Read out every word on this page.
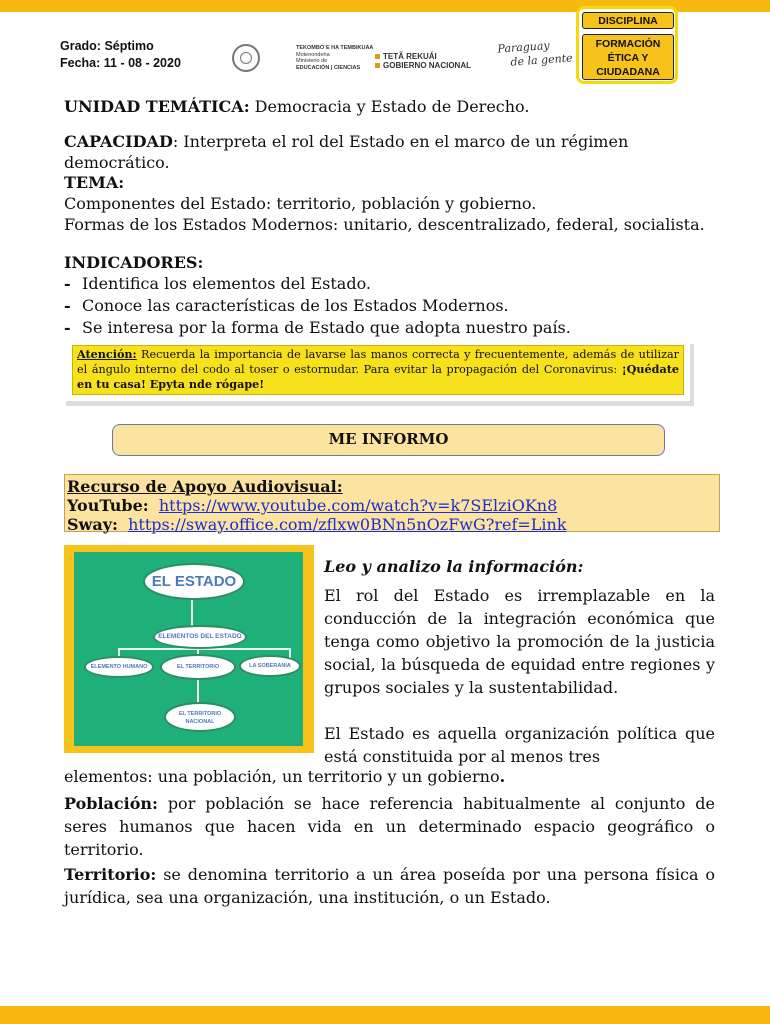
Grado: Séptimo
Fecha: 11 - 08 - 2020
TEKOMBO´E HA TEMBIKUAA
Motenondeha
Ministerio de
EDUCACIÓN | CIENCIAS
TETÃ REKUÁI
GOBIERNO NACIONAL
Paraguay
de la gente
DISCIPLINA
FORMACIÓN
ÉTICA Y
CIUDADANA
UNIDAD TEMÁTICA: Democracia y Estado de Derecho.
CAPACIDAD: Interpreta el rol del Estado en el marco de un régimen democrático.
TEMA:
Componentes del Estado: territorio, población y gobierno.
Formas de los Estados Modernos: unitario, descentralizado, federal, socialista.
INDICADORES:
- Identifica los elementos del Estado.
- Conoce las características de los Estados Modernos.
- Se interesa por la forma de Estado que adopta nuestro país.
Atención: Recuerda la importancia de lavarse las manos correcta y frecuentemente, además de utilizar el ángulo interno del codo al toser o estornudar. Para evitar la propagación del Coronavirus: ¡Quédate en tu casa! Epyta nde rógape!
ME INFORMO
Recurso de Apoyo Audiovisual:
YouTube: https://www.youtube.com/watch?v=k7SElziOKn8
Sway: https://sway.office.com/zflxw0BNn5nOzFwG?ref=Link
EL ESTADO
ELEMENTOS DEL ESTADO
ELEMENTO HUMANO	EL TERRITORIO	LA SOBERANIA
EL TERRITORIO
NACIONAL
Leo y analizo la información:
El rol del Estado es irremplazable en la conducción de la integración económica que tenga como objetivo la promoción de la justicia social, la búsqueda de equidad entre regiones y grupos sociales y la sustentabilidad.
El Estado es aquella organización política que está constituida por al menos tres
elementos: una población, un territorio y un gobierno.
Población: por población se hace referencia habitualmente al conjunto de seres humanos que hacen vida en un determinado espacio geográfico o territorio.
Territorio: se denomina territorio a un área poseída por una persona física o jurídica, sea una organización, una institución, o un Estado.
